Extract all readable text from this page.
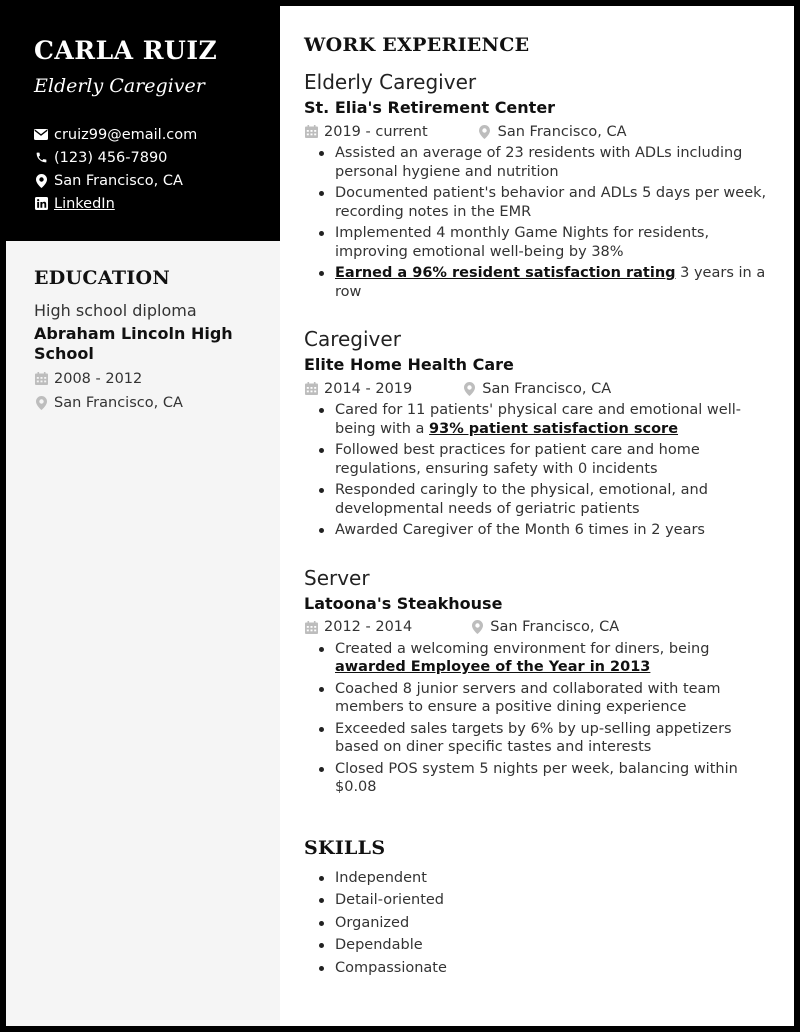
CARLA RUIZ
Elderly Caregiver
cruiz99@email.com
(123) 456-7890
San Francisco, CA
LinkedIn
EDUCATION
High school diploma
Abraham Lincoln High School
2008 - 2012
San Francisco, CA
WORK EXPERIENCE
Elderly Caregiver
St. Elia's Retirement Center
2019 - current	San Francisco, CA
Assisted an average of 23 residents with ADLs including personal hygiene and nutrition
Documented patient's behavior and ADLs 5 days per week, recording notes in the EMR
Implemented 4 monthly Game Nights for residents, improving emotional well-being by 38%
Earned a 96% resident satisfaction rating 3 years in a row
Caregiver
Elite Home Health Care
2014 - 2019	San Francisco, CA
Cared for 11 patients' physical care and emotional well-being with a 93% patient satisfaction score
Followed best practices for patient care and home regulations, ensuring safety with 0 incidents
Responded caringly to the physical, emotional, and developmental needs of geriatric patients
Awarded Caregiver of the Month 6 times in 2 years
Server
Latoona's Steakhouse
2012 - 2014	San Francisco, CA
Created a welcoming environment for diners, being awarded Employee of the Year in 2013
Coached 8 junior servers and collaborated with team members to ensure a positive dining experience
Exceeded sales targets by 6% by up-selling appetizers based on diner specific tastes and interests
Closed POS system 5 nights per week, balancing within $0.08
SKILLS
Independent
Detail-oriented
Organized
Dependable
Compassionate
